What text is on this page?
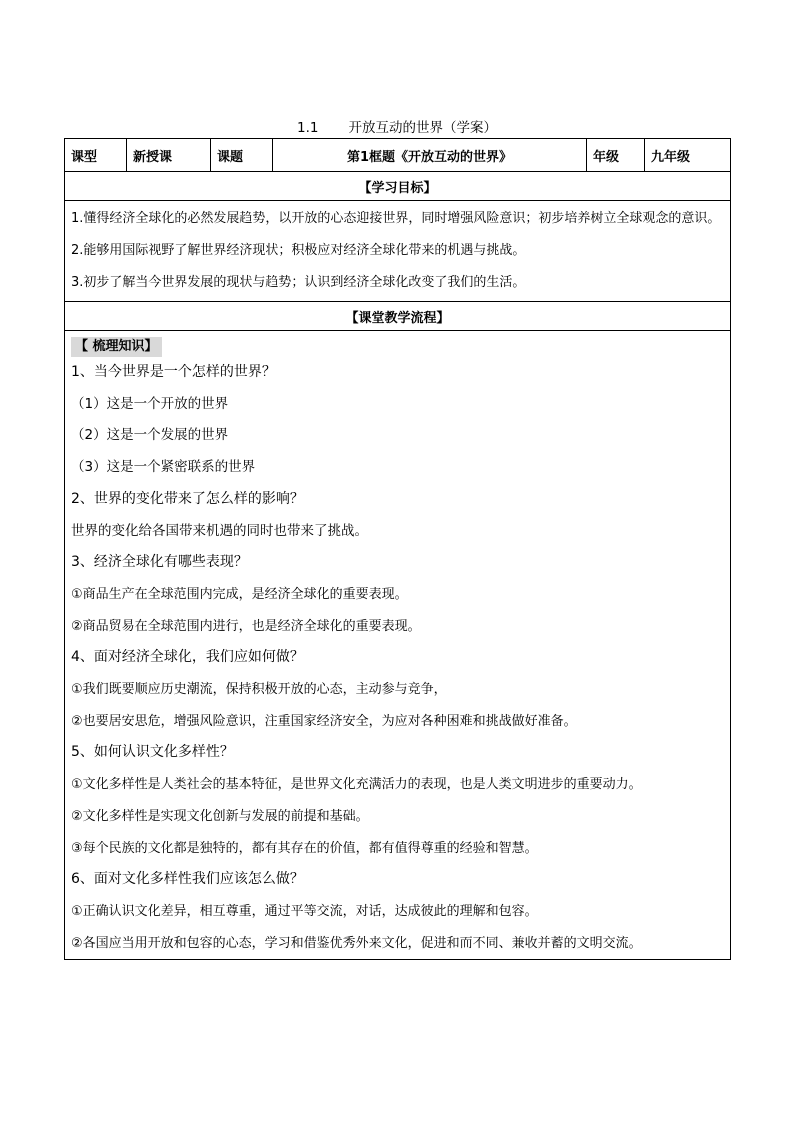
1.1 开放互动的世界（学案）
课型	新授课	课题	第1框题《开放互动的世界》	年级	九年级
【学习目标】

1.懂得经济全球化的必然发展趋势，以开放的心态迎接世界，同时增强风险意识；初步培养树立全球观念的意识。

2.能够用国际视野了解世界经济现状；积极应对经济全球化带来的机遇与挑战。

3.初步了解当今世界发展的现状与趋势；认识到经济全球化改变了我们的生活。

【课堂教学流程】
【 梳理知识】

1、当今世界是一个怎样的世界？

（1）这是一个开放的世界

（2）这是一个发展的世界

（3）这是一个紧密联系的世界

2、世界的变化带来了怎么样的影响？

世界的变化给各国带来机遇的同时也带来了挑战。

3、经济全球化有哪些表现？

①商品生产在全球范围内完成，是经济全球化的重要表现。

②商品贸易在全球范围内进行，也是经济全球化的重要表现。

4、面对经济全球化，我们应如何做？

①我们既要顺应历史潮流，保持积极开放的心态，主动参与竞争，

②也要居安思危，增强风险意识，注重国家经济安全，为应对各种困难和挑战做好准备。

5、如何认识文化多样性？

①文化多样性是人类社会的基本特征，是世界文化充满活力的表现，也是人类文明进步的重要动力。

②文化多样性是实现文化创新与发展的前提和基础。

③每个民族的文化都是独特的，都有其存在的价值，都有值得尊重的经验和智慧。

6、面对文化多样性我们应该怎么做？

①正确认识文化差异，相互尊重，通过平等交流，对话，达成彼此的理解和包容。

②各国应当用开放和包容的心态，学习和借鉴优秀外来文化，促进和而不同、兼收并蓄的文明交流。
